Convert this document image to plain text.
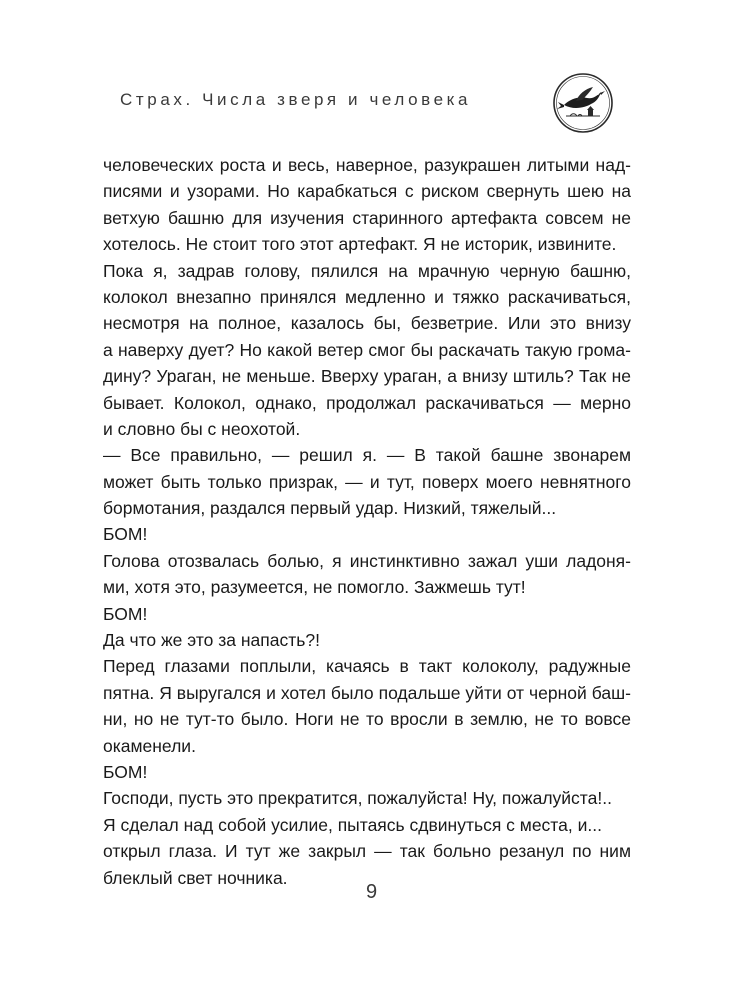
Страх. Числа зверя и человека
человеческих роста и весь, наверное, разукрашен литыми над-
писями и узорами. Но карабкаться с риском свернуть шею на
ветхую башню для изучения старинного артефакта совсем не
хотелось. Не стоит того этот артефакт. Я не историк, извините.
Пока я, задрав голову, пялился на мрачную черную башню,
колокол внезапно принялся медленно и тяжко раскачиваться,
несмотря на полное, казалось бы, безветрие. Или это внизу
а наверху дует? Но какой ветер смог бы раскачать такую грома-
дину? Ураган, не меньше. Вверху ураган, а внизу штиль? Так не
бывает. Колокол, однако, продолжал раскачиваться — мерно
и словно бы с неохотой.
— Все правильно, — решил я. — В такой башне звонарем
может быть только призрак, — и тут, поверх моего невнятного
бормотания, раздался первый удар. Низкий, тяжелый...
БОМ!
Голова отозвалась болью, я инстинктивно зажал уши ладоня-
ми, хотя это, разумеется, не помогло. Зажмешь тут!
БОМ!
Да что же это за напасть?!
Перед глазами поплыли, качаясь в такт колоколу, радужные
пятна. Я выругался и хотел было подальше уйти от черной баш-
ни, но не тут-то было. Ноги не то вросли в землю, не то вовсе
окаменели.
БОМ!
Господи, пусть это прекратится, пожалуйста! Ну, пожалуйста!..
Я сделал над собой усилие, пытаясь сдвинуться с места, и...
открыл глаза. И тут же закрыл — так больно резанул по ним
блеклый свет ночника.
9
